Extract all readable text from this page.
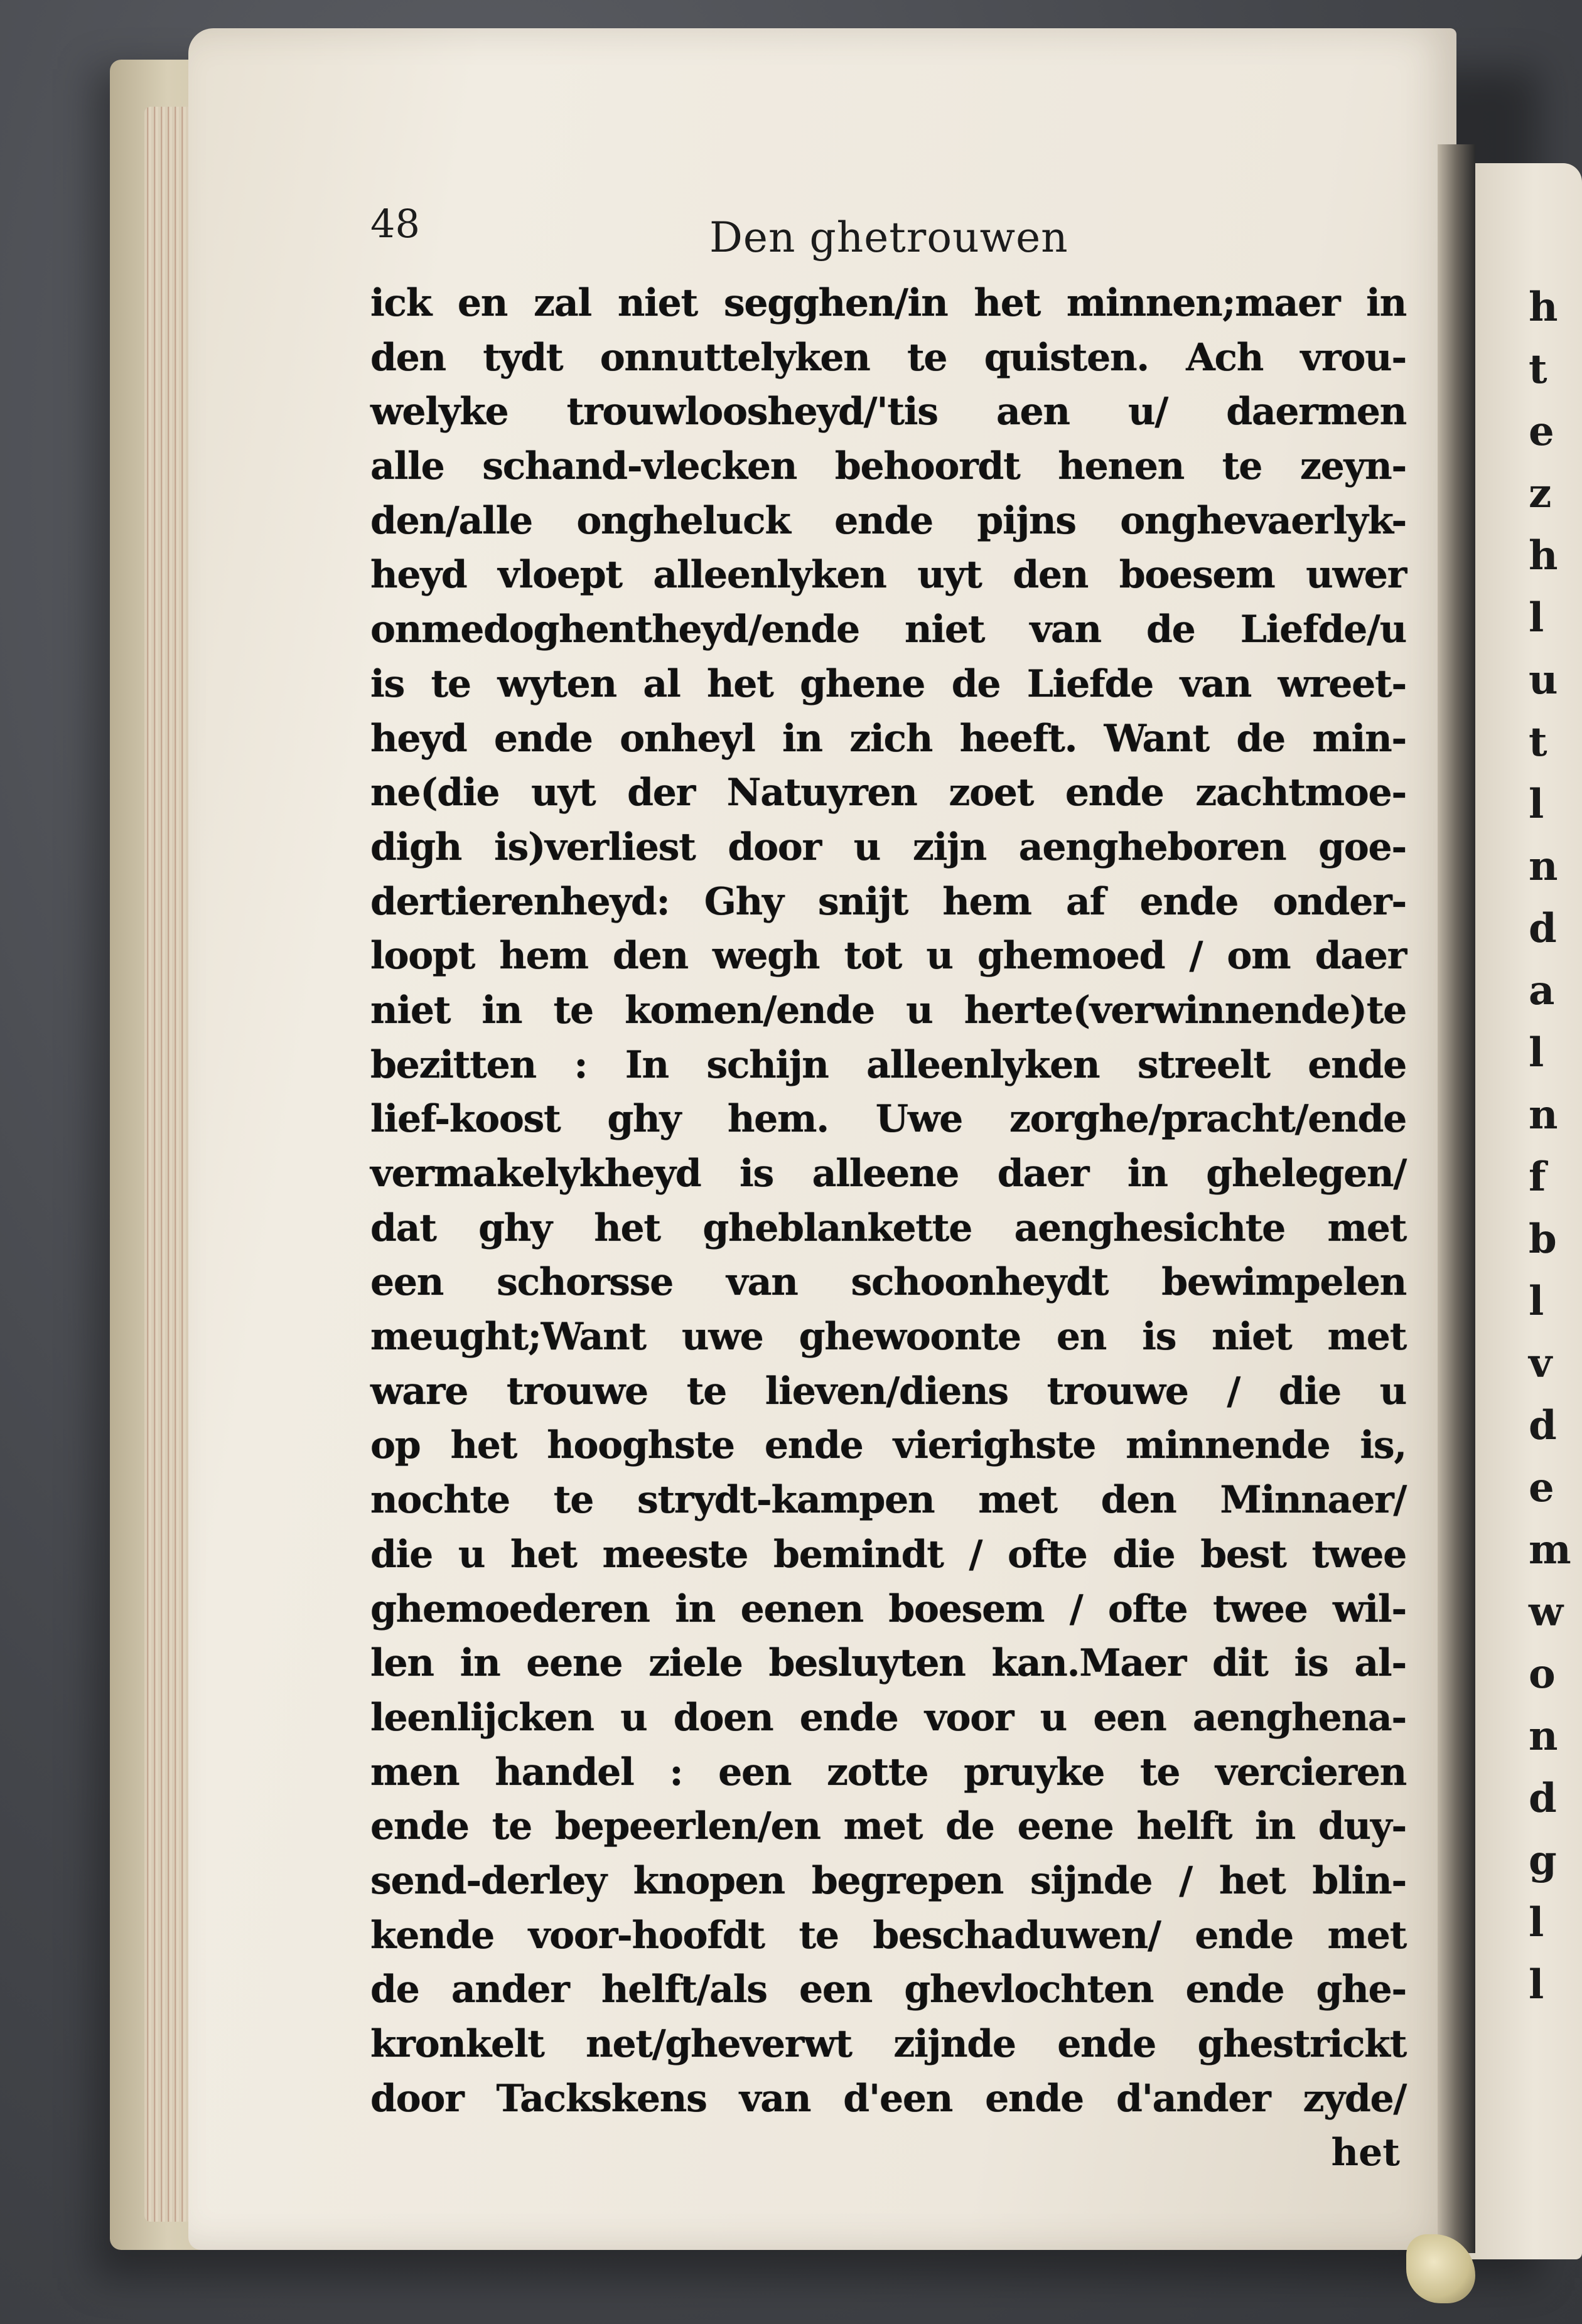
h
t
e
z
h
l
u
t
l
n
d
a
l
n
f
b
l
v
d
e
m
w
o
n
d
g
l
l
48	Den ghetrouwen
ick en zal niet segghen/in het minnen;maer in
den tydt onnuttelyken te quisten. Ach vrou-
welyke trouwloosheyd/'tis aen u/ daermen
alle schand-vlecken behoordt henen te zeyn-
den/alle ongheluck ende pijns onghevaerlyk-
heyd vloept alleenlyken uyt den boesem uwer
onmedoghentheyd/ende niet van de Liefde/u
is te wyten al het ghene de Liefde van wreet-
heyd ende onheyl in zich heeft. Want de min-
ne(die uyt der Natuyren zoet ende zachtmoe-
digh is)verliest door u zijn aengheboren goe-
dertierenheyd: Ghy snijt hem af ende onder-
loopt hem den wegh tot u ghemoed / om daer
niet in te komen/ende u herte(verwinnende)te
bezitten : In schijn alleenlyken streelt ende
lief-koost ghy hem. Uwe zorghe/pracht/ende
vermakelykheyd is alleene daer in ghelegen/
dat ghy het gheblankette aenghesichte met
een schorsse van schoonheydt bewimpelen
meught;Want uwe ghewoonte en is niet met
ware trouwe te lieven/diens trouwe / die u
op het hooghste ende vierighste minnende is,
nochte te strydt-kampen met den Minnaer/
die u het meeste bemindt / ofte die best twee
ghemoederen in eenen boesem / ofte twee wil-
len in eene ziele besluyten kan.Maer dit is al-
leenlijcken u doen ende voor u een aenghena-
men handel : een zotte pruyke te vercieren
ende te bepeerlen/en met de eene helft in duy-
send-derley knopen begrepen sijnde / het blin-
kende voor-hoofdt te beschaduwen/ ende met
de ander helft/als een ghevlochten ende ghe-
kronkelt net/gheverwt zijnde ende ghestrickt
door Tackskens van d'een ende d'ander zyde/
het
